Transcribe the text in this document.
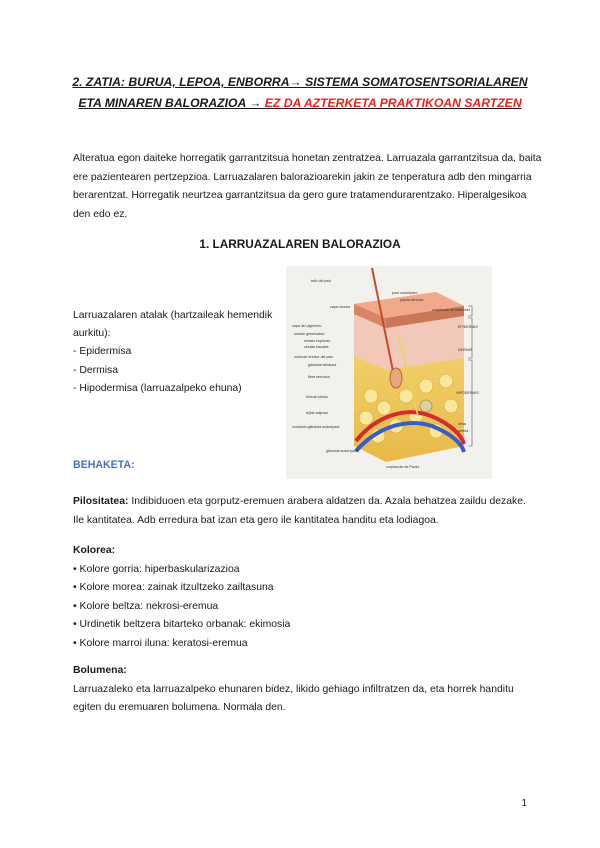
2. ZATIA: BURUA, LEPOA, ENBORRA→ SISTEMA SOMATOSENTSORIALAREN
ETA MINAREN BALORAZIOA → EZ DA AZTERKETA PRAKTIKOAN SARTZEN
Alteratua egon daiteke horregatik garrantzitsua honetan zentratzea. Larruazala garrantzitsua da, baita ere pazientearen pertzepzioa. Larruazalaren balorazioarekin jakin ze tenperatura adb den mingarria berarentzat. Horregatik neurtzea garrantzitsua da gero gure tratamendurarentzako. Hiperalgesikoa den edo ez.
1. LARRUAZALAREN BALORAZIOA
Larruazalaren atalak (hartzaileak hemendik aurkitu):
- Epidermisa
- Dermisa
- Hipodermisa (larruazalpeko ehuna)
tallo del pelo
poro sudoríparo
papila dérmica
corpúsculo de Meissner
capa córnea
capa del pigmento
estrato germinativo
estrato espinoso
células basales
músculo erector del pelo
glándula sebácea
fibra nerviosa
folículo piloso
tejido adiposo
conducto glándula sudorípara
glándula sudorípara
corpúsculo de Pacini
vena
arteria
EPIDERMIS
DERMIS
HIPODERMIS
BEHAKETA:
Pilositatea: Indibiduoen eta gorputz-eremuen arabera aldatzen da. Azala behatzea zaildu dezake. Ile kantitatea. Adb erredura bat izan eta gero ile kantitatea handitu eta lodiagoa.
Kolorea:
• Kolore gorria: hiperbaskularizazioa
• Kolore morea: zainak itzultzeko zailtasuna
• Kolore beltza: nekrosi-eremua
• Urdinetik beltzera bitarteko orbanak: ekimosia
• Kolore marroi iluna: keratosi-eremua
Bolumena:
Larruazaleko eta larruazalpeko ehunaren bidez, likido gehiago infiltratzen da, eta horrek handitu egiten du eremuaren bolumena. Normala den.
1
